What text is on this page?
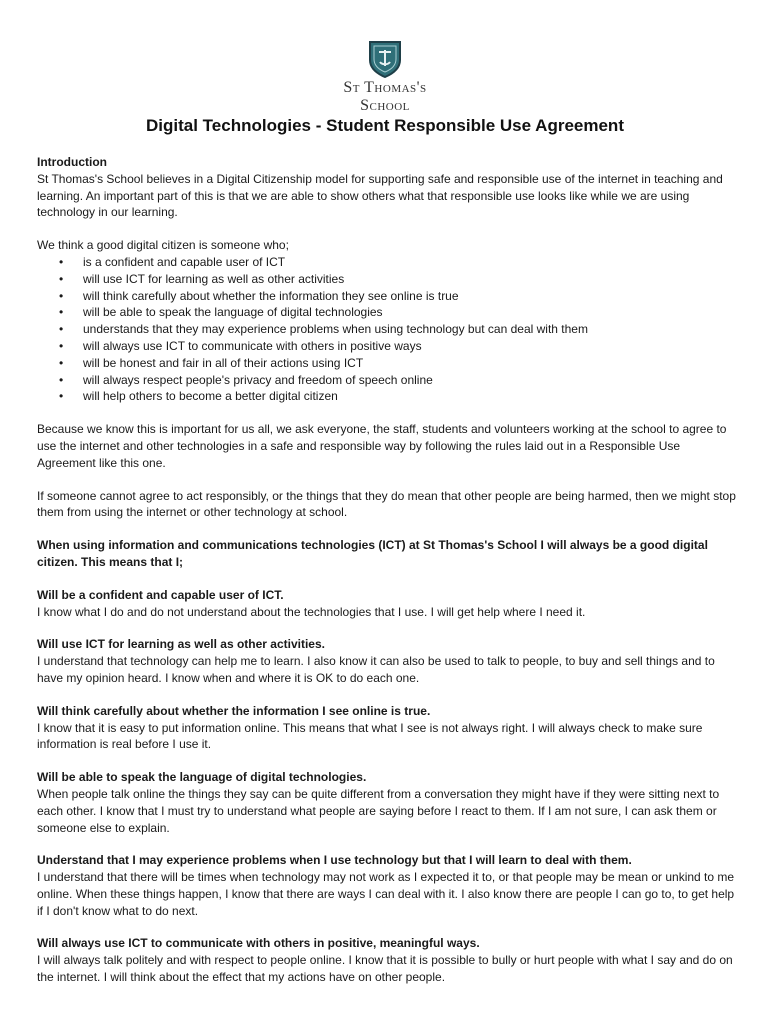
St Thomas's
School
Digital Technologies - Student Responsible Use Agreement

Introduction

St Thomas's School believes in a Digital Citizenship model for supporting safe and responsible use of the internet in teaching and learning. An important part of this is that we are able to show others what that responsible use looks like while we are using technology in our learning.

We think a good digital citizen is someone who;

• is a confident and capable user of ICT
• will use ICT for learning as well as other activities
• will think carefully about whether the information they see online is true
• will be able to speak the language of digital technologies
• understands that they may experience problems when using technology but can deal with them
• will always use ICT to communicate with others in positive ways
• will be honest and fair in all of their actions using ICT
• will always respect people's privacy and freedom of speech online
• will help others to become a better digital citizen

Because we know this is important for us all, we ask everyone, the staff, students and volunteers working at the school to agree to use the internet and other technologies in a safe and responsible way by following the rules laid out in a Responsible Use Agreement like this one.

If someone cannot agree to act responsibly, or the things that they do mean that other people are being harmed, then we might stop them from using the internet or other technology at school.

When using information and communications technologies (ICT) at St Thomas's School I will always be a good digital citizen. This means that I;

Will be a confident and capable user of ICT.

I know what I do and do not understand about the technologies that I use. I will get help where I need it.

Will use ICT for learning as well as other activities.

I understand that technology can help me to learn. I also know it can also be used to talk to people, to buy and sell things and to have my opinion heard. I know when and where it is OK to do each one.

Will think carefully about whether the information I see online is true.

I know that it is easy to put information online. This means that what I see is not always right. I will always check to make sure information is real before I use it.

Will be able to speak the language of digital technologies.

When people talk online the things they say can be quite different from a conversation they might have if they were sitting next to each other. I know that I must try to understand what people are saying before I react to them. If I am not sure, I can ask them or someone else to explain.

Understand that I may experience problems when I use technology but that I will learn to deal with them.

I understand that there will be times when technology may not work as I expected it to, or that people may be mean or unkind to me online. When these things happen, I know that there are ways I can deal with it. I also know there are people I can go to, to get help if I don't know what to do next.

Will always use ICT to communicate with others in positive, meaningful ways.

I will always talk politely and with respect to people online. I know that it is possible to bully or hurt people with what I say and do on the internet. I will think about the effect that my actions have on other people.
